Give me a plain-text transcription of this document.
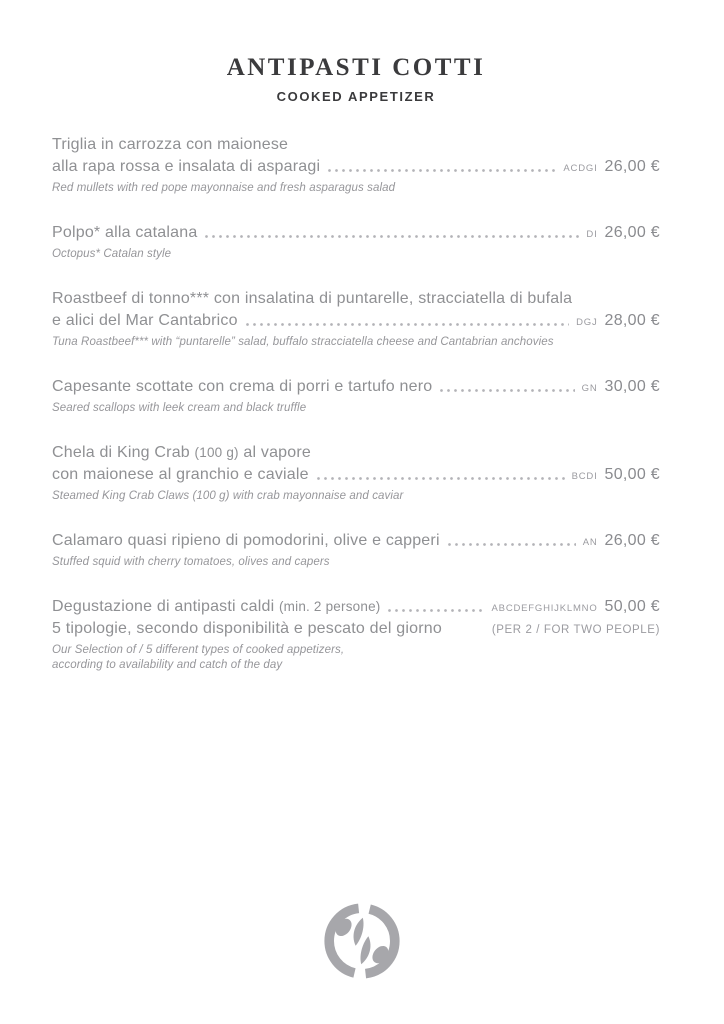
ANTIPASTI COTTI
COOKED APPETIZER
Triglia in carrozza con maionese
alla rapa rossa e insalata di asparagi	ACDGI 26,00 €
Red mullets with red pope mayonnaise and fresh asparagus salad
Polpo* alla catalana	DI 26,00 €
Octopus* Catalan style
Roastbeef di tonno*** con insalatina di puntarelle, stracciatella di bufala
e alici del Mar Cantabrico	DGJ 28,00 €
Tuna Roastbeef*** with “puntarelle” salad, buffalo stracciatella cheese and Cantabrian anchovies
Capesante scottate con crema di porri e tartufo nero	GN 30,00 €
Seared scallops with leek cream and black truffle
Chela di King Crab (100 g) al vapore
con maionese al granchio e caviale	BCDI 50,00 €
Steamed King Crab Claws (100 g) with crab mayonnaise and caviar
Calamaro quasi ripieno di pomodorini, olive e capperi	AN 26,00 €
Stuffed squid with cherry tomatoes, olives and capers
Degustazione di antipasti caldi (min. 2 persone)	ABCDEFGHIJKLMNO 50,00 €
5 tipologie, secondo disponibilità e pescato del giorno	(PER 2 / FOR TWO PEOPLE)
Our Selection of / 5 different types of cooked appetizers,
according to availability and catch of the day
